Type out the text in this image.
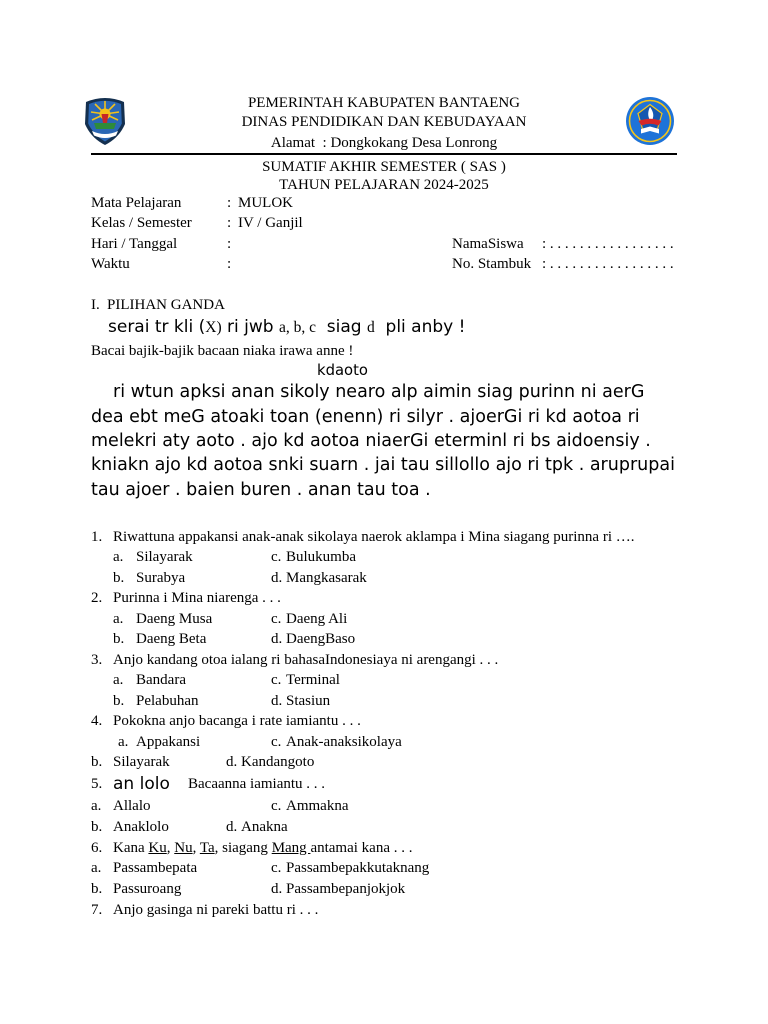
PEMERINTAH KABUPATEN BANTAENG
DINAS PENDIDIKAN DAN KEBUDAYAAN
Alamat  : Dongkokang Desa Lonrong
SUMATIF AKHIR SEMESTER ( SAS )
TAHUN PELAJARAN 2024-2025
Mata Pelajaran	: MULOK
Kelas / Semester : IV / Ganjil
Hari / Tanggal	:	NamaSiswa : . . . . . . . . . . . . . . . . .
Waktu	:	No. Stambuk : . . . . . . . . . . . . . . . . .
I. PILIHAN GANDA
serai tr kli (X) ri jwb a, b, c  siag d  pli anby !
Bacai bajik-bajik bacaan niaka irawa anne !
kdaoto
ri wtun apksi anan sikoly nearo alp aimin siag purinn ni aerG
dea ebt meG atoaki toan (enenn) ri silyr . ajoerGi ri kd aotoa ri
melekri aty aoto . ajo kd aotoa niaerGi eterminl ri bs aidoensiy .
kniakn ajo kd aotoa snki suarn . jai tau sillollo ajo ri tpk . aruprupai
tau ajoer . baien buren . anan tau toa .
1. Riwattuna appakansi anak-anak sikolaya naerok aklampa i Mina siagang purinna ri ….
a. Silayarak	c. Bulukumba
b. Surabya	d. Mangkasarak
2. Purinna i Mina niarenga . . .
a. Daeng Musa	c. Daeng Ali
b. Daeng Beta	d. DaengBaso
3. Anjo kandang otoa ialang ri bahasaIndonesiaya ni arengangi . . .
a. Bandara	c. Terminal
b. Pelabuhan	d. Stasiun
4. Pokokna anjo bacanga i rate iamiantu . . .
a. Appakansi	c. Anak-anaksikolaya
b. Silayarak	d. Kandangoto
5. an lolo Bacaanna iamiantu . . .
a. Allalo	c. Ammakna
b. Anaklolo	d. Anakna
6. Kana Ku, Nu, Ta, siagang Mang antamai kana . . .
a. Passambepata	c. Passambepakkutaknang
b. Passuroang	d. Passambepanjokjok
7. Anjo gasinga ni pareki battu ri . . .
